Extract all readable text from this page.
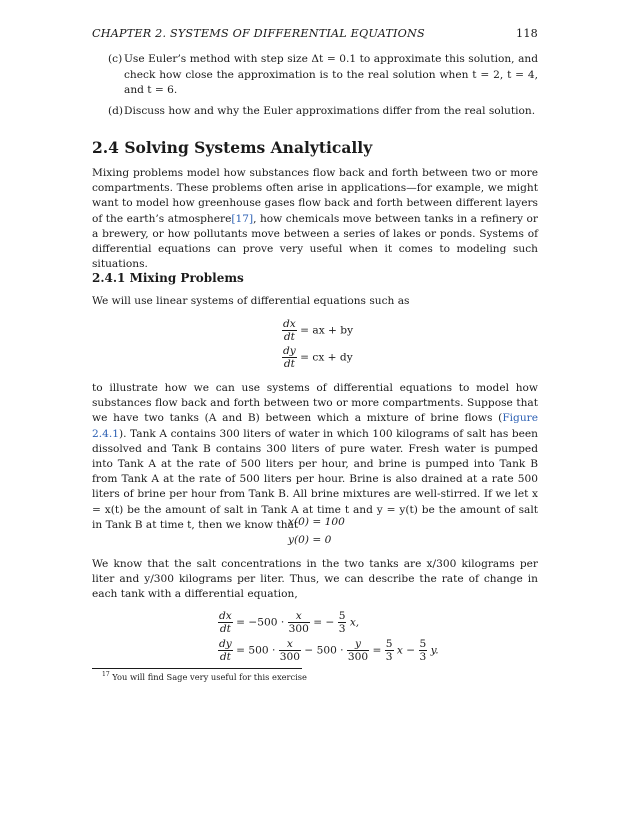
CHAPTER 2. SYSTEMS OF DIFFERENTIAL EQUATIONS	118
(c) Use Euler’s method with step size Δt = 0.1 to approximate this solution, and check how close the approximation is to the real solution when t = 2, t = 4, and t = 6.
(d) Discuss how and why the Euler approximations differ from the real solution.
2.4 Solving Systems Analytically
Mixing problems model how substances flow back and forth between two or more compartments. These problems often arise in applications—for example, we might want to model how greenhouse gases flow back and forth between different layers of the earth’s atmosphere[17], how chemicals move between tanks in a refinery or a brewery, or how pollutants move between a series of lakes or ponds. Systems of differential equations can prove very useful when it comes to modeling such situations.
2.4.1 Mixing Problems
We will use linear systems of differential equations such as
$\frac{dx}{dt}$ = ax + by
$\frac{dy}{dt}$ = cx + dy
to illustrate how we can use systems of differential equations to model how substances flow back and forth between two or more compartments. Suppose that we have two tanks (A and B) between which a mixture of brine flows (Figure 2.4.1). Tank A contains 300 liters of water in which 100 kilograms of salt has been dissolved and Tank B contains 300 liters of pure water. Fresh water is pumped into Tank A at the rate of 500 liters per hour, and brine is pumped into Tank B from Tank A at the rate of 500 liters per hour. Brine is also drained at a rate 500 liters of brine per hour from Tank B. All brine mixtures are well-stirred. If we let x = x(t) be the amount of salt in Tank A at time t and y = y(t) be the amount of salt in Tank B at time t, then we know that
x(0) = 100
y(0) = 0
We know that the salt concentrations in the two tanks are x/300 kilograms per liter and y/300 kilograms per liter. Thus, we can describe the rate of change in each tank with a differential equation,
$\frac{dx}{dt} = -500 \cdot \frac{x}{300}$ = − $\frac{5}{3} x$,
$\frac{dy}{dt} = 500 \cdot \frac{x}{300} - 500 \cdot \frac{y}{300} = \frac{5}{3}$ $x - \frac{5}{3} y$.
$^{17}$ You will find Sage very useful for this exercise
